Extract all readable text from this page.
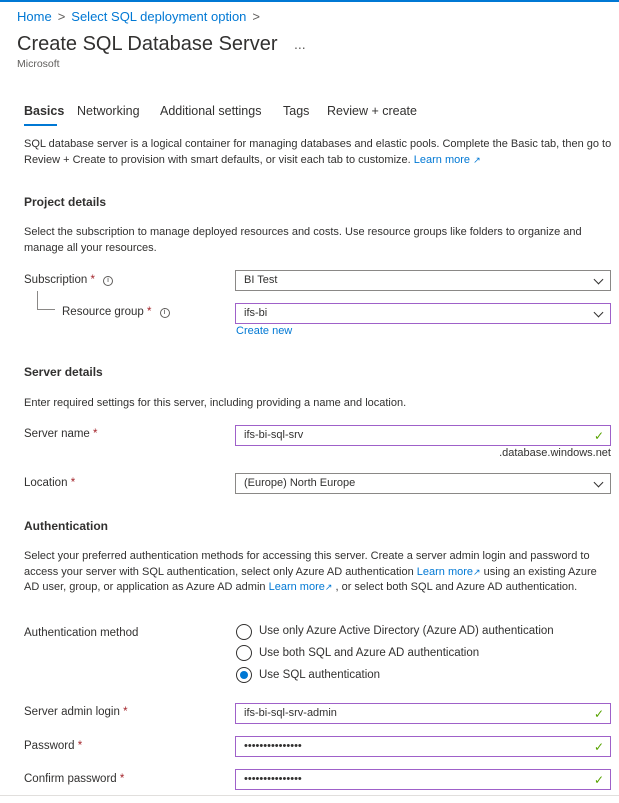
Home > Select SQL deployment option >
Create SQL Database Server ...
Microsoft
Basics Networking Additional settings Tags Review + create
SQL database server is a logical container for managing databases and elastic pools. Complete the Basic tab, then go to Review + Create to provision with smart defaults, or visit each tab to customize. Learn more ↗
Project details
Select the subscription to manage deployed resources and costs. Use resource groups like folders to organize and manage all your resources.
Subscription * i	BI Test
Resource group * i	ifs-bi
Create new
Server details
Enter required settings for this server, including providing a name and location.
Server name *	ifs-bi-sql-srv	✓
.database.windows.net
Location *	(Europe) North Europe
Authentication
Select your preferred authentication methods for accessing this server. Create a server admin login and password to access your server with SQL authentication, select only Azure AD authentication Learn more↗ using an existing Azure AD user, group, or application as Azure AD admin Learn more↗ , or select both SQL and Azure AD authentication.
Authentication method	Use only Azure Active Directory (Azure AD) authentication
Use both SQL and Azure AD authentication
Use SQL authentication
Server admin login *	ifs-bi-sql-srv-admin	✓
Password *	•••••••••••••••	✓
Confirm password *	•••••••••••••••	✓
